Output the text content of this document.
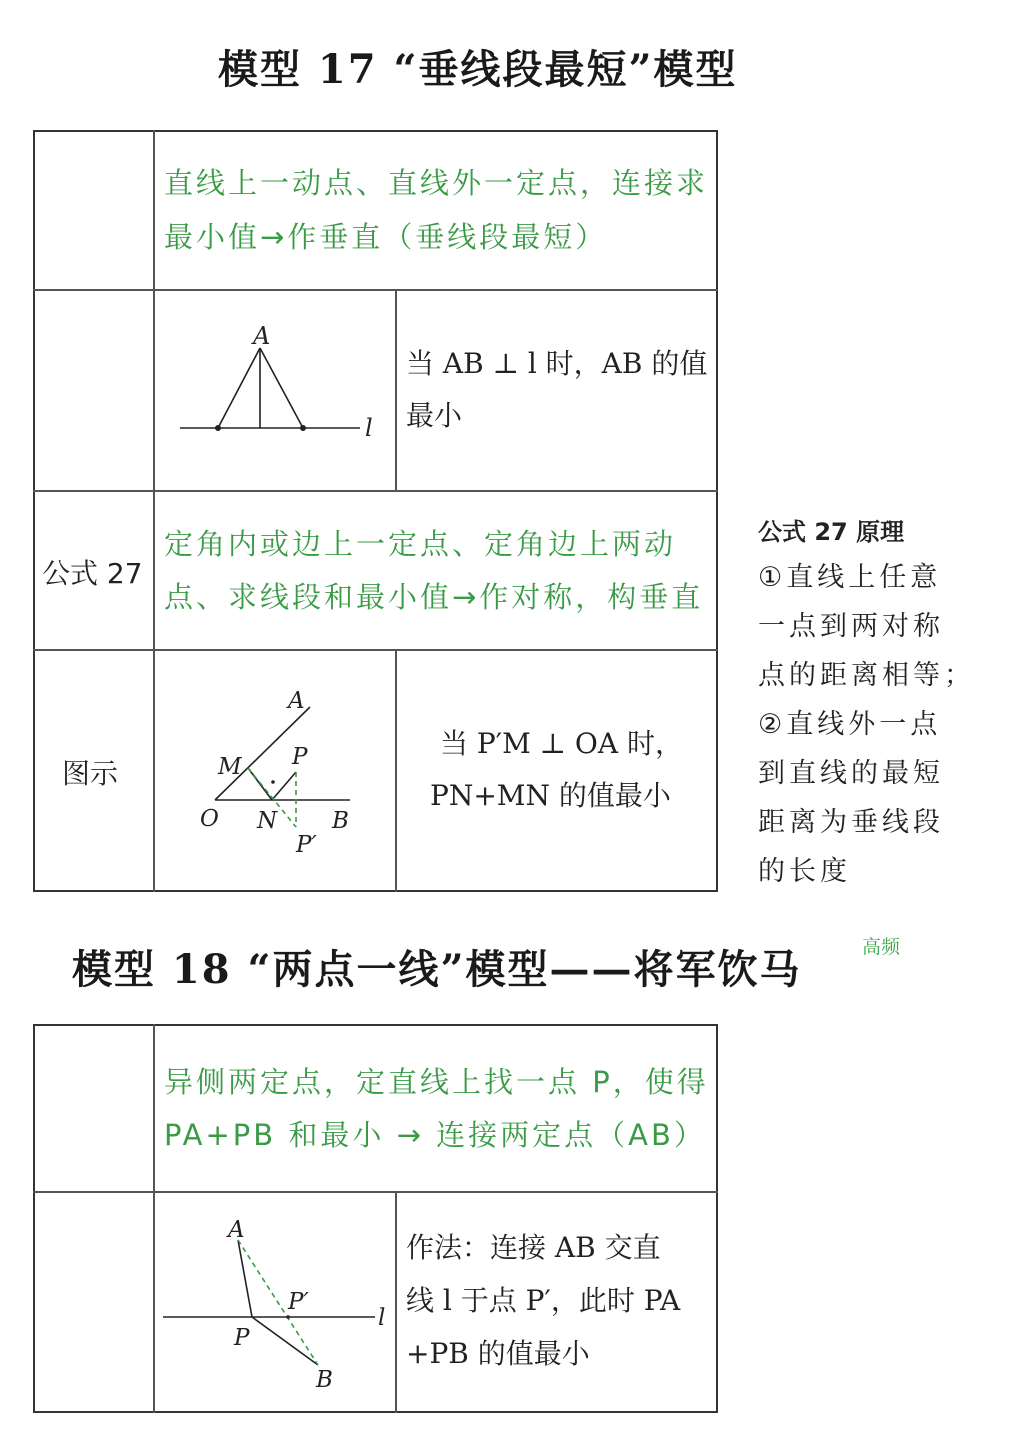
模型 17 “垂线段最短”模型
模型 18 “两点一线”模型——将军饮马	高频
直线上一动点、直线外一定点，连接求
最小值→作垂直（垂线段最短）
A
l
当 AB ⊥ l 时，AB 的值
最小
公式 27
定角内或边上一定点、定角边上两动
点、求线段和最小值→作对称，构垂直
图示
A
M P
O N B
P′
当 P′M ⊥ OA 时，
PN+MN 的值最小
公式 27 原理
①直线上任意
一点到两对称
点的距离相等；
②直线外一点
到直线的最短
距离为垂线段
的长度
异侧两定点，定直线上找一点 P，使得
PA+PB 和最小 → 连接两定点（AB）
A
P′
l
P
B
作法：连接 AB 交直
线 l 于点 P′，此时 PA
+PB 的值最小
